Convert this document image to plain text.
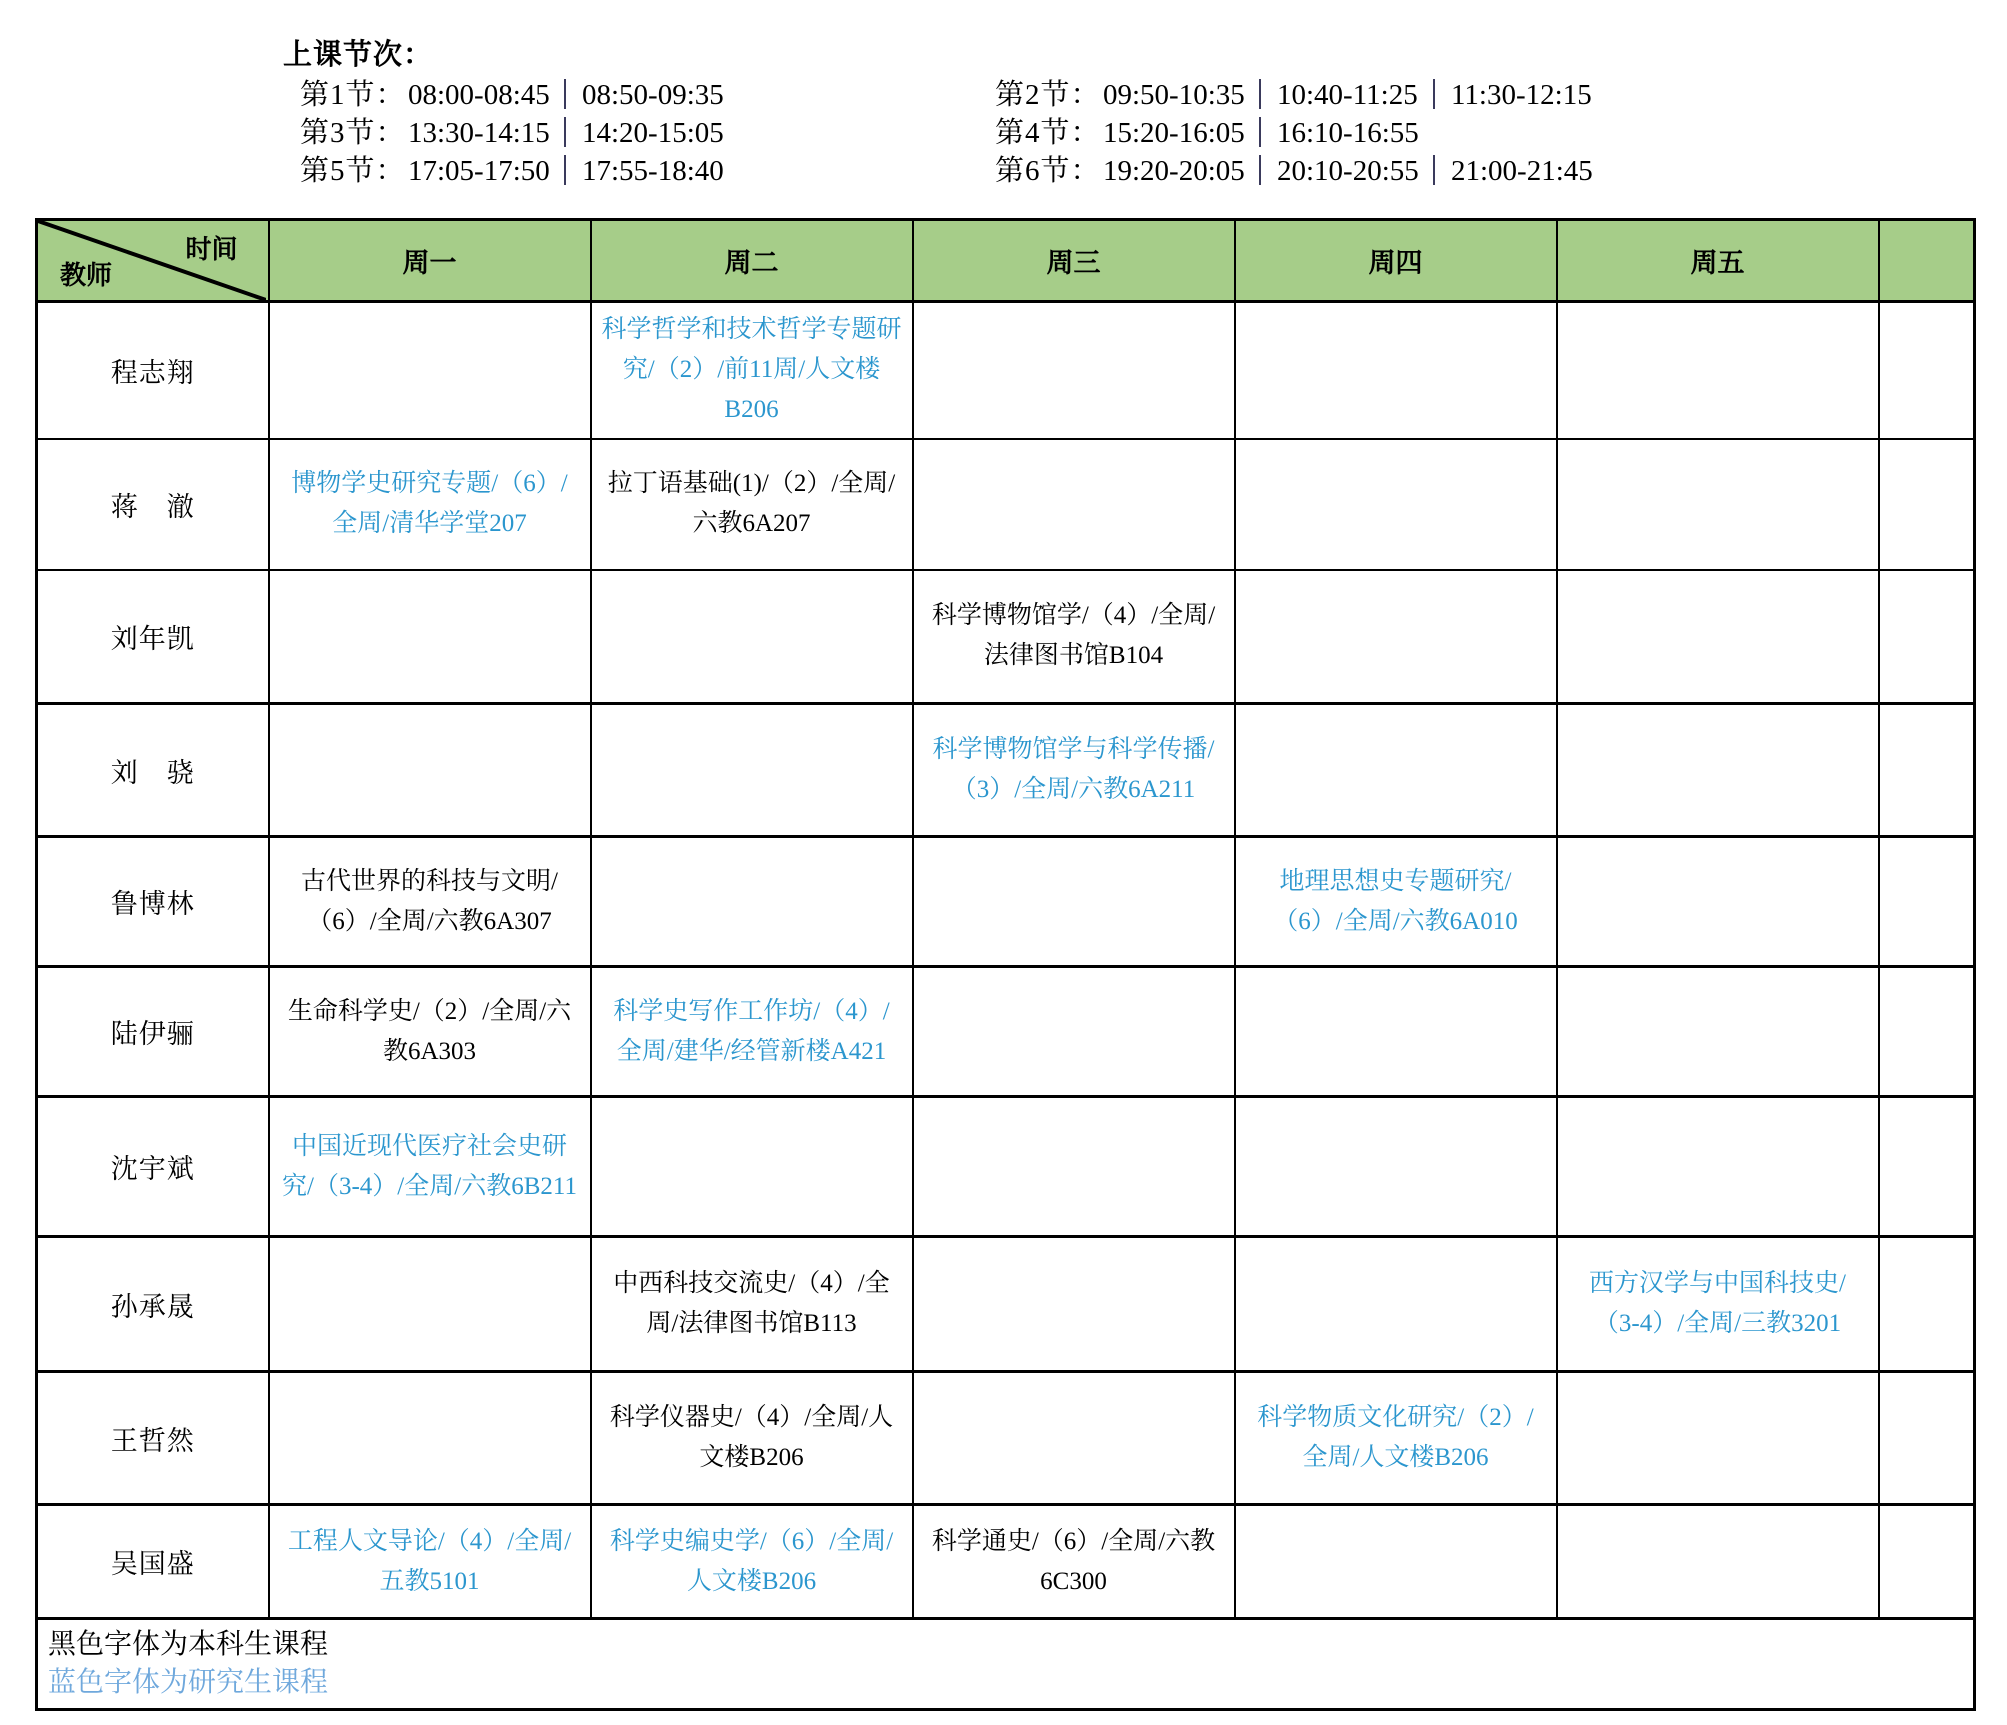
上课节次：
第1节：08:00-08:45 08:50-09:35
第3节：13:30-14:15 14:20-15:05
第5节：17:05-17:50 17:55-18:40
第2节：09:50-10:35 10:40-11:25 11:30-12:15
第4节：15:20-16:05 16:10-16:55
第6节：19:20-20:05 20:10-20:55 21:00-21:45
时间
教师	周一	周二	周三	周四	周五	
程志翔		科学哲学和技术哲学专题研究/（2）/前11周/人文楼B206				
蒋　澈	博物学史研究专题/（6）/全周/清华学堂207	拉丁语基础(1)/（2）/全周/六教6A207				
刘年凯			科学博物馆学/（4）/全周/法律图书馆B104			
刘　骁			科学博物馆学与科学传播/（3）/全周/六教6A211			
鲁博林	古代世界的科技与文明/（6）/全周/六教6A307			地理思想史专题研究/（6）/全周/六教6A010		
陆伊骊	生命科学史/（2）/全周/六教6A303	科学史写作工作坊/（4）/全周/建华/经管新楼A421				
沈宇斌	中国近现代医疗社会史研究/（3-4）/全周/六教6B211					
孙承晟		中西科技交流史/（4）/全周/法律图书馆B113			西方汉学与中国科技史/（3-4）/全周/三教3201	
王哲然		科学仪器史/（4）/全周/人文楼B206		科学物质文化研究/（2）/全周/人文楼B206		
吴国盛	工程人文导论/（4）/全周/五教5101	科学史编史学/（6）/全周/人文楼B206	科学通史/（6）/全周/六教6C300			

黑色字体为本科生课程
蓝色字体为研究生课程						
